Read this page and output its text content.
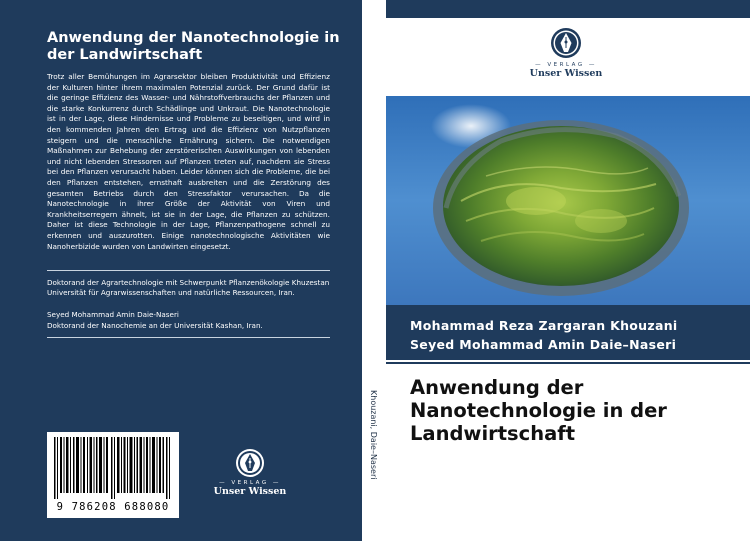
Anwendung der Nanotechnologie in der Landwirtschaft

Trotz aller Bemühungen im Agrarsektor bleiben Produktivität und Effizienz der Kulturen hinter ihrem maximalen Potenzial zurück. Der Grund dafür ist die geringe Effizienz des Wasser- und Nährstoffverbrauchs der Pflanzen und die starke Konkurrenz durch Schädlinge und Unkraut. Die Nanotechnologie ist in der Lage, diese Hindernisse und Probleme zu beseitigen, und wird in den kommenden Jahren den Ertrag und die Effizienz von Nutzpflanzen steigern und die menschliche Ernährung sichern. Die notwendigen Maßnahmen zur Behebung der zerstörerischen Auswirkungen von lebenden und nicht lebenden Stressoren auf Pflanzen treten auf, nachdem sie Stress bei den Pflanzen verursacht haben. Leider können sich die Probleme, die bei den Pflanzen entstehen, ernsthaft ausbreiten und die Zerstörung des gesamten Betriebs durch den Stressfaktor verursachen. Da die Nanotechnologie in ihrer Größe der Aktivität von Viren und Krankheitserregern ähnelt, ist sie in der Lage, die Pflanzen zu schützen. Daher ist diese Technologie in der Lage, Pflanzenpathogene schnell zu erkennen und auszurotten. Einige nanotechnologische Aktivitäten wie Nanoherbizide wurden von Landwirten eingesetzt.

Doktorand der Agrartechnologie mit Schwerpunkt Pflanzenökologie Khuzestan Universität für Agrarwissenschaften und natürliche Ressourcen, Iran.

Seyed Mohammad Amin Daie-Naseri

Doktorand der Nanochemie an der Universität Kashan, Iran.

9 786208 688080
— VERLAG —
Unser Wissen
Khouzani, Daie–Naseri
— VERLAG —
Unser Wissen

Mohammad Reza Zargaran Khouzani

Seyed Mohammad Amin Daie–Naseri

Anwendung der Nanotechnologie in der Landwirtschaft
